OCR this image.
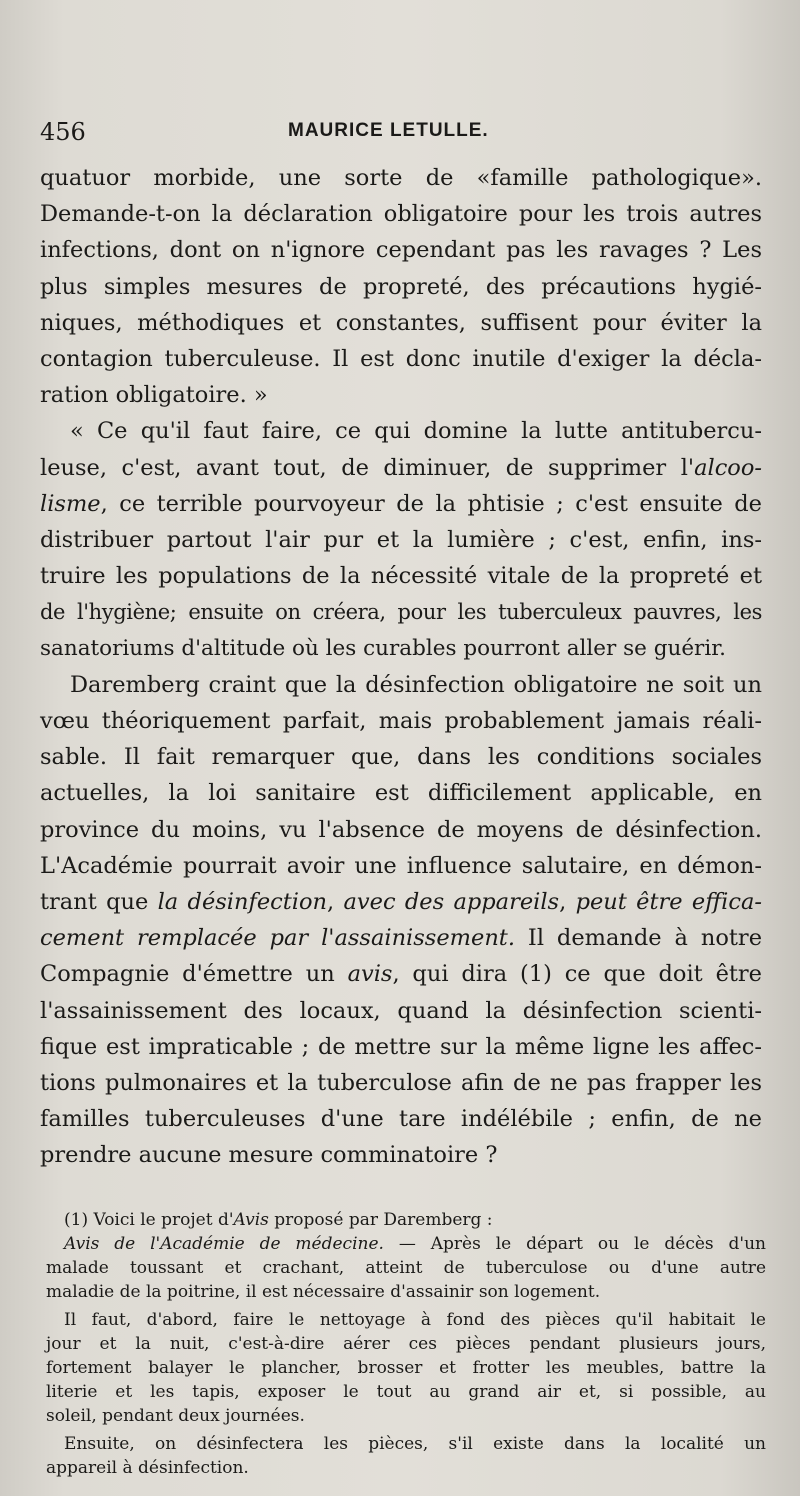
456	MAURICE LETULLE.

quatuor morbide, une sorte de «famille pathologique».

Demande-t-on la déclaration obligatoire pour les trois autres

infections, dont on n'ignore cependant pas les ravages ? Les

plus simples mesures de propreté, des précautions hygié-

niques, méthodiques et constantes, suffisent pour éviter la

contagion tuberculeuse. Il est donc inutile d'exiger la décla-

ration obligatoire. »

« Ce qu'il faut faire, ce qui domine la lutte antitubercu-

leuse, c'est, avant tout, de diminuer, de supprimer l'alcoo-

lisme, ce terrible pourvoyeur de la phtisie ; c'est ensuite de

distribuer partout l'air pur et la lumière ; c'est, enfin, ins-

truire les populations de la nécessité vitale de la propreté et

de l'hygiène; ensuite on créera, pour les tuberculeux pauvres, les

sanatoriums d'altitude où les curables pourront aller se guérir.

Daremberg craint que la désinfection obligatoire ne soit un

vœu théoriquement parfait, mais probablement jamais réali-

sable. Il fait remarquer que, dans les conditions sociales

actuelles, la loi sanitaire est difficilement applicable, en

province du moins, vu l'absence de moyens de désinfection.

L'Académie pourrait avoir une influence salutaire, en démon-

trant que la désinfection, avec des appareils, peut être effica-

cement remplacée par l'assainissement. Il demande à notre

Compagnie d'émettre un avis, qui dira (1) ce que doit être

l'assainissement des locaux, quand la désinfection scienti-

fique est impraticable ; de mettre sur la même ligne les affec-

tions pulmonaires et la tuberculose afin de ne pas frapper les

familles tuberculeuses d'une tare indélébile ; enfin, de ne

prendre aucune mesure comminatoire ?

(1) Voici le projet d'Avis proposé par Daremberg :

Avis de l'Académie de médecine. — Après le départ ou le décès d'un

malade toussant et crachant, atteint de tuberculose ou d'une autre

maladie de la poitrine, il est nécessaire d'assainir son logement.

Il faut, d'abord, faire le nettoyage à fond des pièces qu'il habitait le

jour et la nuit, c'est-à-dire aérer ces pièces pendant plusieurs jours,

fortement balayer le plancher, brosser et frotter les meubles, battre la

literie et les tapis, exposer le tout au grand air et, si possible, au

soleil, pendant deux journées.

Ensuite, on désinfectera les pièces, s'il existe dans la localité un

appareil à désinfection.
